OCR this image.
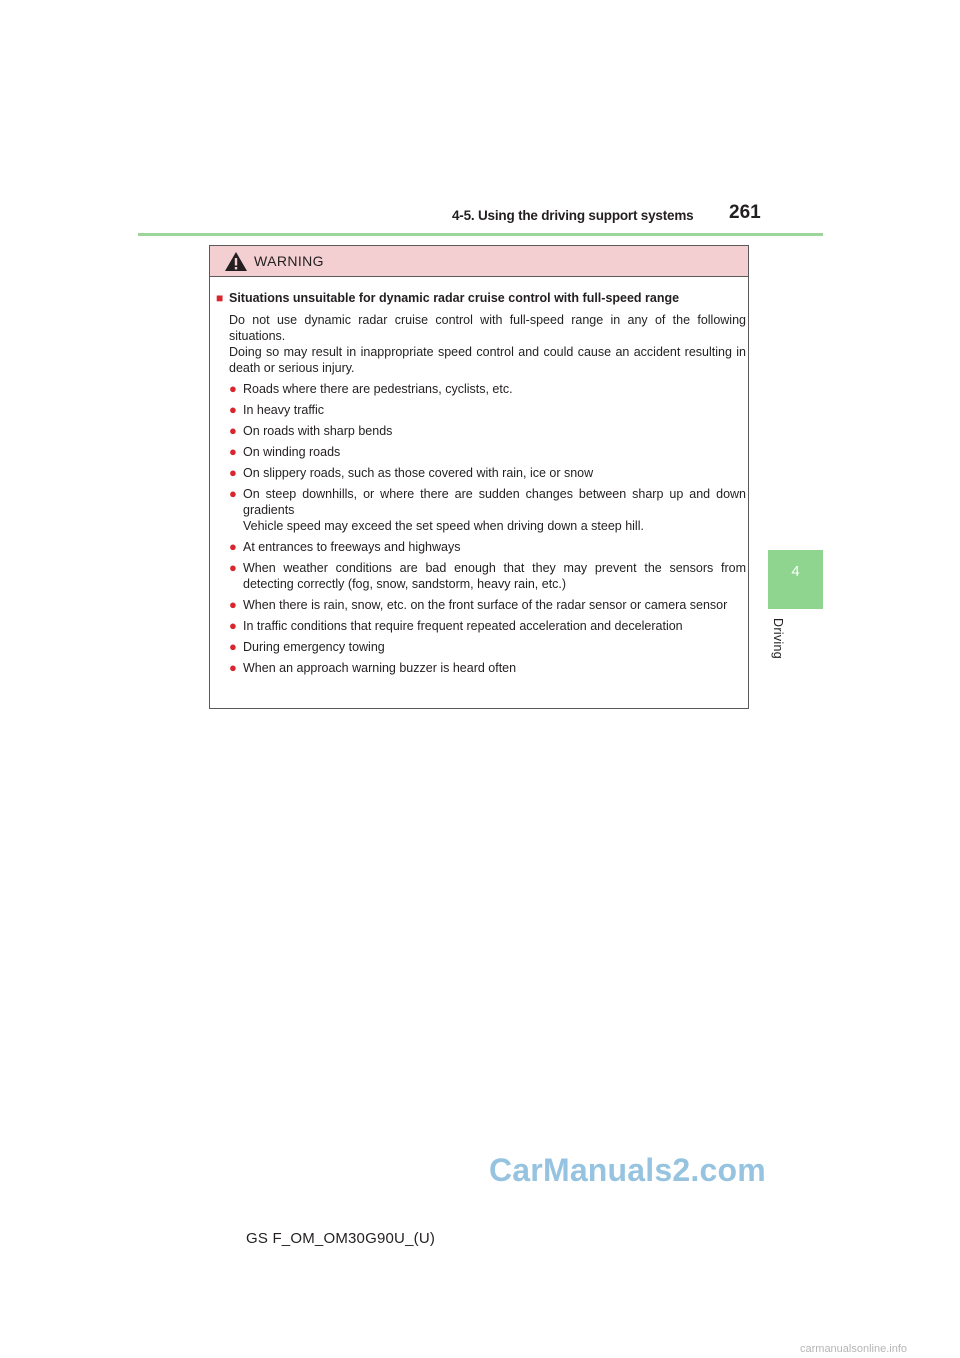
4-5. Using the driving support systems 261
4
Driving
WARNING
■ Situations unsuitable for dynamic radar cruise control with full-speed range

Do not use dynamic radar cruise control with full-speed range in any of the following situations.

Doing so may result in inappropriate speed control and could cause an accident resulting in death or serious injury.

● Roads where there are pedestrians, cyclists, etc.
● In heavy traffic
● On roads with sharp bends
● On winding roads
● On slippery roads, such as those covered with rain, ice or snow
● On steep downhills, or where there are sudden changes between sharp up and down gradients
Vehicle speed may exceed the set speed when driving down a steep hill.
● At entrances to freeways and highways
● When weather conditions are bad enough that they may prevent the sensors from detecting correctly (fog, snow, sandstorm, heavy rain, etc.)
● When there is rain, snow, etc. on the front surface of the radar sensor or camera sensor
● In traffic conditions that require frequent repeated acceleration and deceleration
● During emergency towing
● When an approach warning buzzer is heard often
GS F_OM_OM30G90U_(U)
CarManuals2.com
carmanualsonline.info
